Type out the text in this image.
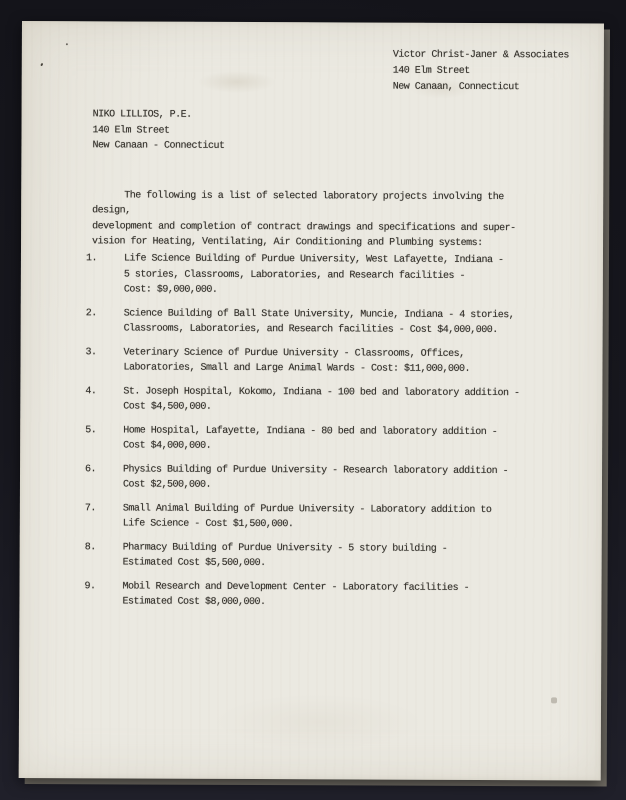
Victor Christ-Janer & Associates
140 Elm Street
New Canaan, Connecticut
NIKO LILLIOS, P.E.
140 Elm Street
New Canaan - Connecticut
The following is a list of selected laboratory projects involving the design,
development and completion of contract drawings and specifications and super-
vision for Heating, Ventilating, Air Conditioning and Plumbing systems:
1.	Life Science Building of Purdue University, West Lafayette, Indiana -
5 stories, Classrooms, Laboratories, and Research facilities -
Cost: $9,000,000.
2.	Science Building of Ball State University, Muncie, Indiana - 4 stories,
Classrooms, Laboratories, and Research facilities - Cost $4,000,000.
3.	Veterinary Science of Purdue University - Classrooms, Offices,
Laboratories, Small and Large Animal Wards - Cost: $11,000,000.
4.	St. Joseph Hospital, Kokomo, Indiana - 100 bed and laboratory addition -
Cost $4,500,000.
5.	Home Hospital, Lafayette, Indiana - 80 bed and laboratory addition -
Cost $4,000,000.
6.	Physics Building of Purdue University - Research laboratory addition -
Cost $2,500,000.
7.	Small Animal Building of Purdue University - Laboratory addition to
Life Science - Cost $1,500,000.
8.	Pharmacy Building of Purdue University - 5 story building -
Estimated Cost $5,500,000.
9.	Mobil Research and Development Center - Laboratory facilities -
Estimated Cost $8,000,000.
